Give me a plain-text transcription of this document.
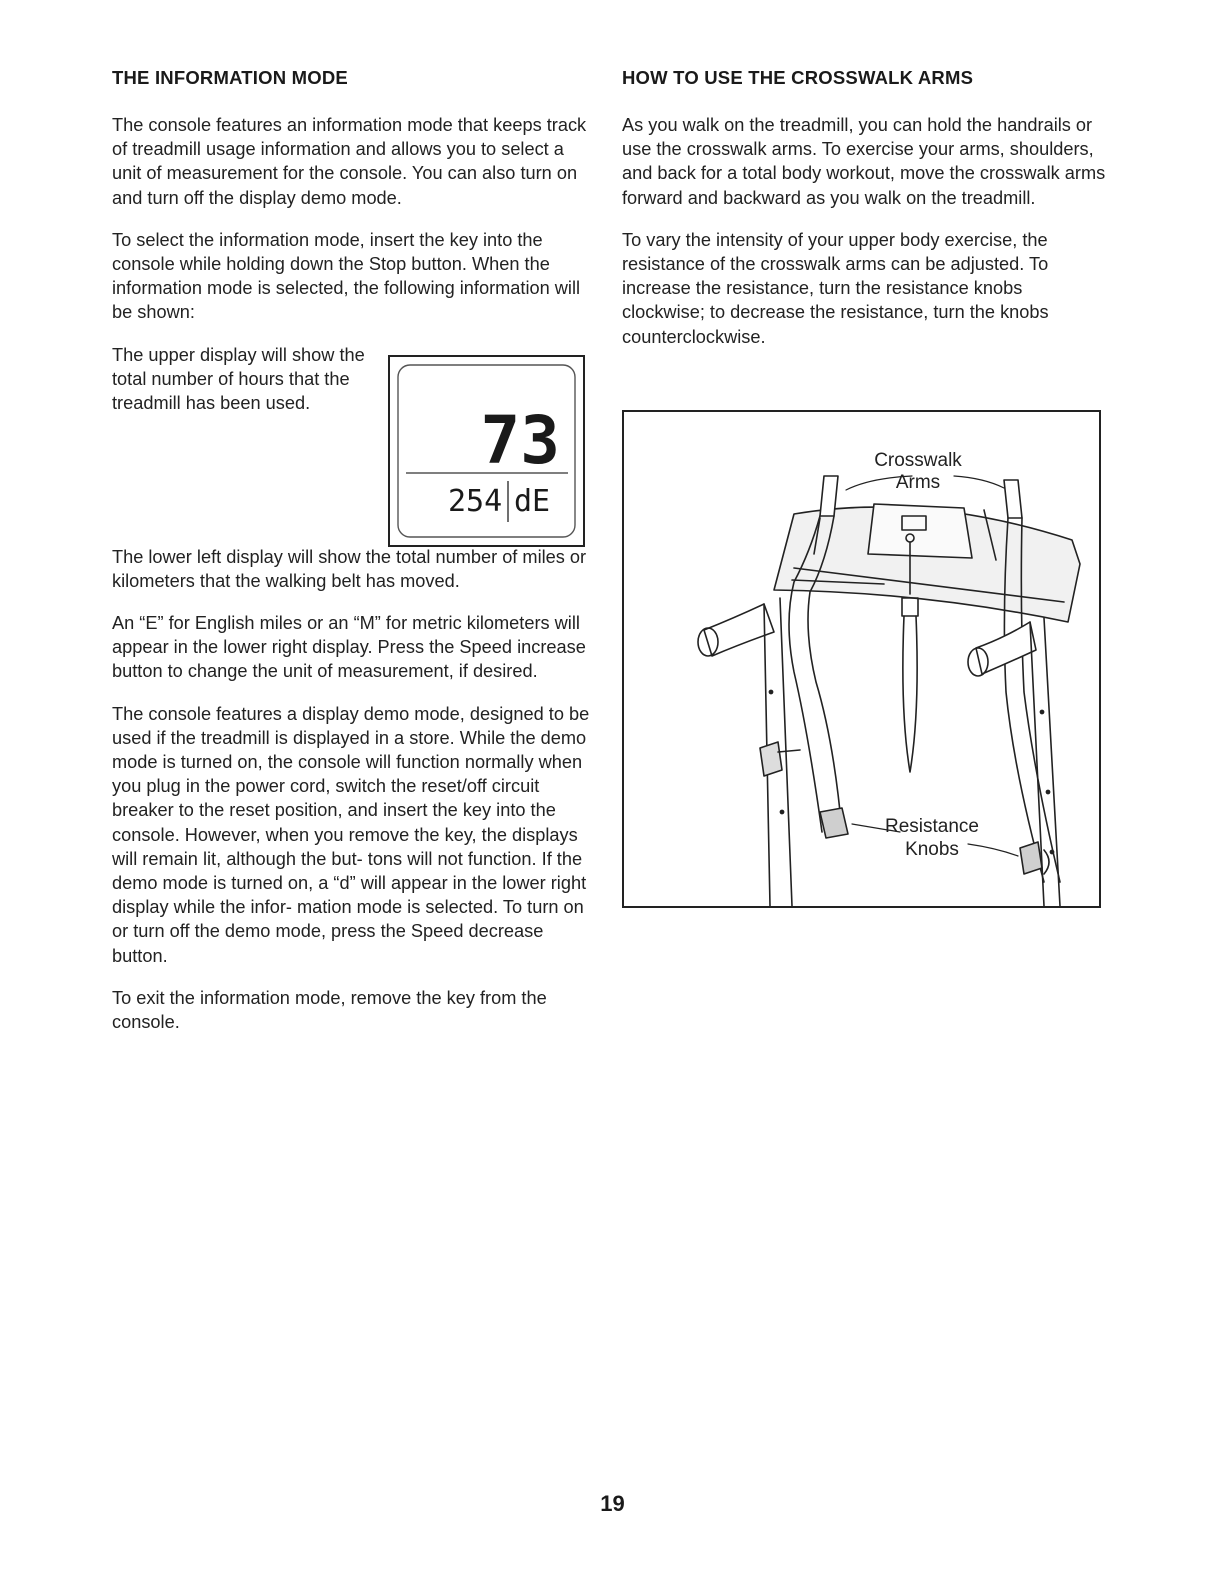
THE INFORMATION MODE

The console features an information mode that keeps track of treadmill usage information and allows you to select a unit of measurement for the console. You can also turn on and turn off the display demo mode.

To select the information mode, insert the key into the console while holding down the Stop button. When the information mode is selected, the following information will be shown:

The upper display will show the total number of hours that the treadmill has been used.	73
254 dE

The lower left display will show the total number of miles or kilometers that the walking belt has moved.

An “E” for English miles or an “M” for metric kilometers will appear in the lower right display. Press the Speed increase button to change the unit of measurement, if desired.

The console features a display demo mode, designed to be used if the treadmill is displayed in a store. While the demo mode is turned on, the console will function normally when you plug in the power cord, switch the reset/off circuit breaker to the reset position, and insert the key into the console. However, when you remove the key, the displays will remain lit, although the but- tons will not function. If the demo mode is turned on, a “d” will appear in the lower right display while the infor- mation mode is selected. To turn on or turn off the demo mode, press the Speed decrease button.

To exit the information mode, remove the key from the console.

HOW TO USE THE CROSSWALK ARMS

As you walk on the treadmill, you can hold the handrails or use the crosswalk arms. To exercise your arms, shoulders, and back for a total body workout, move the crosswalk arms forward and backward as you walk on the treadmill.

To vary the intensity of your upper body exercise, the resistance of the crosswalk arms can be adjusted. To increase the resistance, turn the resistance knobs clockwise; to decrease the resistance, turn the knobs counterclockwise.

Crosswalk
Arms
Resistance
Knobs
19
